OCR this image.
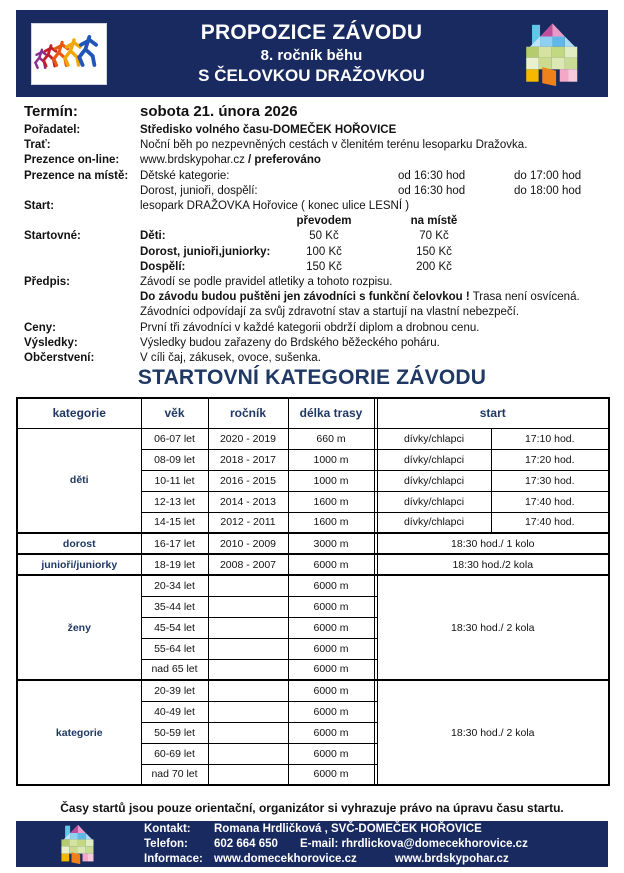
PROPOZICE ZÁVODU
8. ročník běhu
S ČELOVKOU DRAŽOVKOU
Termín:	sobota 21. února 2026
Pořadatel:	Středisko volného času-DOMEČEK HOŘOVICE
Trať:	Noční běh po nezpevněných cestách v členitém terénu lesoparku Dražovka.
Prezence on-line:	www.brdskypohar.cz / preferováno
Prezence na místě:	Dětské kategorie:	od 16:30 hod	do 17:00 hod
Dorost, junioři, dospělí:	od 16:30 hod	do 18:00 hod
Start:	lesopark DRAŽOVKA Hořovice ( konec ulice LESNÍ )
převodem	na místě
Startovné:	Děti:	50 Kč	70 Kč
Dorost, junioři,juniorky:	100 Kč	150 Kč
Dospělí:	150 Kč	200 Kč
Předpis:	Závodí se podle pravidel atletiky a tohoto rozpisu.
Do závodu budou puštěni jen závodníci s funkční čelovkou ! Trasa není osvícená.
Závodníci odpovídají za svůj zdravotní stav a startují na vlastní nebezpečí.
Ceny:	První tři závodníci v každé kategorii obdrží diplom a drobnou cenu.
Výsledky:	Výsledky budou zařazeny do Brdského běžeckého poháru.
Občerstvení:	V cíli čaj, zákusek, ovoce, sušenka.
STARTOVNÍ KATEGORIE ZÁVODU
kategorie	věk	ročník	délka trasy		start	
děti	06-07 let	2020 - 2019	660 m		dívky/chlapci	17:10 hod.
	08-09 let	2018 - 2017	1000 m		dívky/chlapci	17:20 hod.
	10-11 let	2016 - 2015	1000 m		dívky/chlapci	17:30 hod.
	12-13 let	2014 - 2013	1600 m		dívky/chlapci	17:40 hod.
	14-15 let	2012 - 2011	1600 m		dívky/chlapci	17:40 hod.
dorost	16-17 let	2010 - 2009	3000 m		18:30 hod./ 1 kolo	
junioři/juniorky	18-19 let	2008 - 2007	6000 m		18:30 hod./2 kola	
ženy	20-34 let		6000 m		18:30 hod./ 2 kola	
	35-44 let		6000 m			
	45-54 let		6000 m			
	55-64 let		6000 m			
	nad 65 let		6000 m			
kategorie	20-39 let		6000 m		18:30 hod./ 2 kola	
	40-49 let		6000 m			
	50-59 let		6000 m			
	60-69 let		6000 m			
	nad 70 let		6000 m			
Časy startů jsou pouze orientační, organizátor si vyhrazuje právo na úpravu času startu.
Kontakt:	Romana Hrdličková , SVČ-DOMEČEK HOŘOVICE
Telefon:	602 664 650 E-mail: rhrdlickova@domecekhorovice.cz
Informace: www.domecekhorovice.cz	www.brdskypohar.cz
